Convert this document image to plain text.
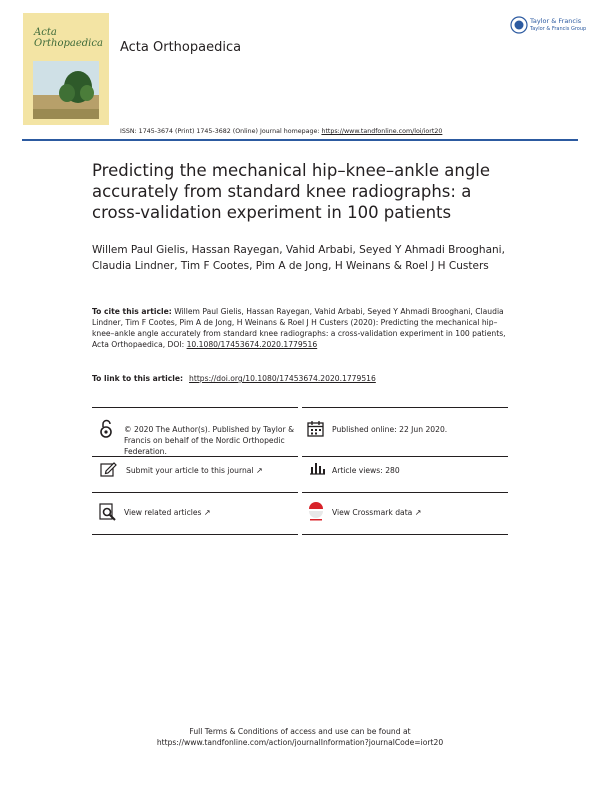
Acta
Orthopaedica Acta Orthopaedica
Taylor & Francis
Taylor & Francis Group
ISSN: 1745-3674 (Print) 1745-3682 (Online) Journal homepage: https://www.tandfonline.com/loi/iort20
Predicting the mechanical hip–knee–ankle angle accurately from standard knee radiographs: a cross-validation experiment in 100 patients
Willem Paul Gielis, Hassan Rayegan, Vahid Arbabi, Seyed Y Ahmadi Brooghani, Claudia Lindner, Tim F Cootes, Pim A de Jong, H Weinans & Roel J H Custers
To cite this article: Willem Paul Gielis, Hassan Rayegan, Vahid Arbabi, Seyed Y Ahmadi Brooghani, Claudia Lindner, Tim F Cootes, Pim A de Jong, H Weinans & Roel J H Custers (2020): Predicting the mechanical hip–knee–ankle angle accurately from standard knee radiographs: a cross-validation experiment in 100 patients, Acta Orthopaedica, DOI: 10.1080/17453674.2020.1779516
To link to this article: https://doi.org/10.1080/17453674.2020.1779516
© 2020 The Author(s). Published by Taylor & Francis on behalf of the Nordic Orthopedic Federation.
Published online: 22 Jun 2020.
Submit your article to this journal ↗	Article views: 280
View related articles ↗	View Crossmark data ↗
Full Terms & Conditions of access and use can be found at
https://www.tandfonline.com/action/journalInformation?journalCode=iort20
